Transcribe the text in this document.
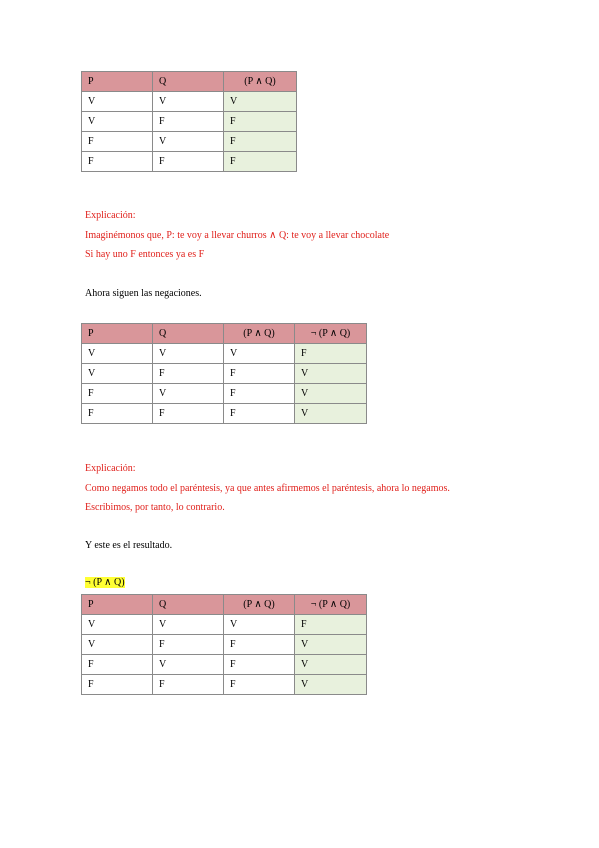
P	Q	(P ∧ Q)
V	V	V
V	F	F
F	V	F
F	F	F
Explicación:
Imaginémonos que, P: te voy a llevar churros ∧ Q: te voy a llevar chocolate
Si hay uno F entonces ya es F
Ahora siguen las negaciones.
P	Q	(P ∧ Q)	¬ (P ∧ Q)
V	V	V	F
V	F	F	V
F	V	F	V
F	F	F	V
Explicación:
Como negamos todo el paréntesis, ya que antes afirmemos el paréntesis, ahora lo negamos.
Escribimos, por tanto, lo contrario.
Y este es el resultado.
¬ (P ∧ Q)
P	Q	(P ∧ Q)	¬ (P ∧ Q)
V	V	V	F
V	F	F	V
F	V	F	V
F	F	F	V
